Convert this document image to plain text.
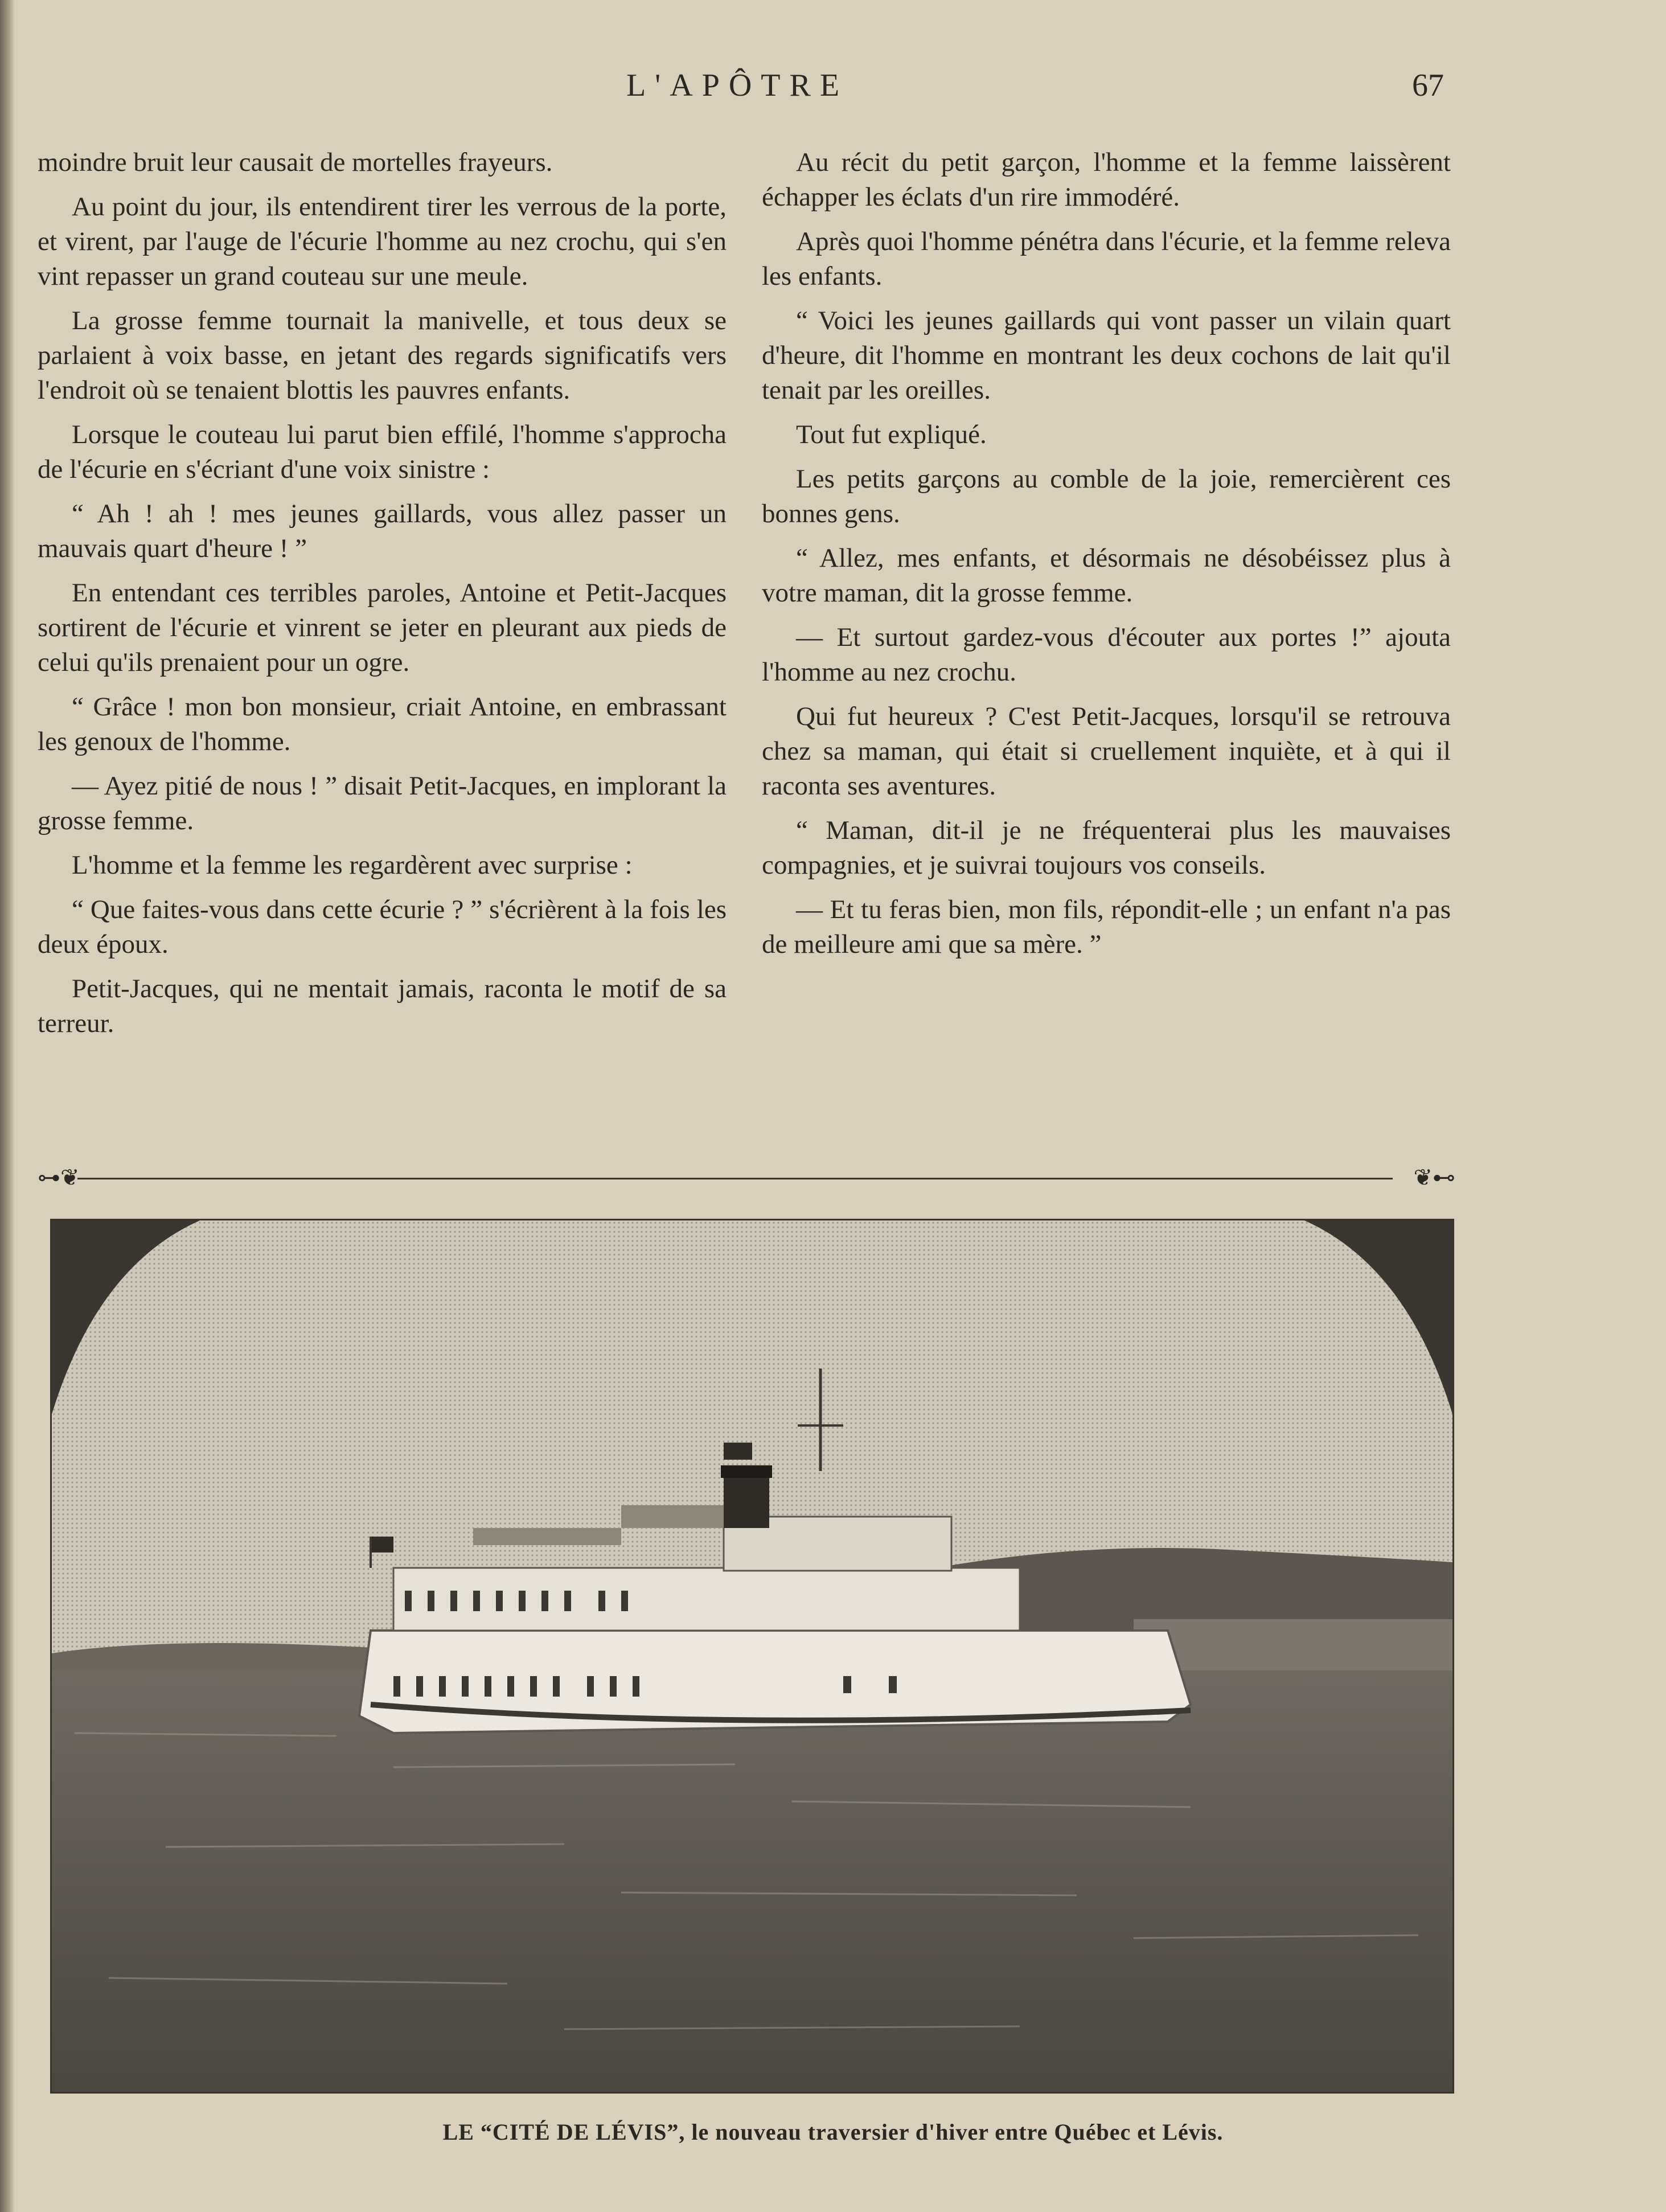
L'APÔTRE	67

moindre bruit leur causait de mortelles frayeurs.

Au point du jour, ils entendirent tirer les verrous de la porte, et virent, par l'auge de l'écurie l'homme au nez crochu, qui s'en vint repasser un grand couteau sur une meule.

La grosse femme tournait la manivelle, et tous deux se parlaient à voix basse, en jetant des regards significatifs vers l'endroit où se tenaient blottis les pauvres enfants.

Lorsque le couteau lui parut bien effilé, l'homme s'approcha de l'écurie en s'écriant d'une voix sinistre :

“ Ah ! ah ! mes jeunes gaillards, vous allez passer un mauvais quart d'heure ! ”

En entendant ces terribles paroles, Antoine et Petit-Jacques sortirent de l'écurie et vinrent se jeter en pleurant aux pieds de celui qu'ils prenaient pour un ogre.

“ Grâce ! mon bon monsieur, criait Antoine, en embrassant les genoux de l'homme.

— Ayez pitié de nous ! ” disait Petit-Jacques, en implorant la grosse femme.

L'homme et la femme les regardèrent avec surprise :

“ Que faites-vous dans cette écurie ? ” s'écrièrent à la fois les deux époux.

Petit-Jacques, qui ne mentait jamais, raconta le motif de sa terreur.

Au récit du petit garçon, l'homme et la femme laissèrent échapper les éclats d'un rire immodéré.

Après quoi l'homme pénétra dans l'écurie, et la femme releva les enfants.

“ Voici les jeunes gaillards qui vont passer un vilain quart d'heure, dit l'homme en montrant les deux cochons de lait qu'il tenait par les oreilles.

Tout fut expliqué.

Les petits garçons au comble de la joie, remercièrent ces bonnes gens.

“ Allez, mes enfants, et désormais ne désobéissez plus à votre maman, dit la grosse femme.

— Et surtout gardez-vous d'écouter aux portes !” ajouta l'homme au nez crochu.

Qui fut heureux ? C'est Petit-Jacques, lorsqu'il se retrouva chez sa maman, qui était si cruellement inquiète, et à qui il raconta ses aventures.

“ Maman, dit-il je ne fréquenterai plus les mauvaises compagnies, et je suivrai toujours vos conseils.

— Et tu feras bien, mon fils, répondit-elle ; un enfant n'a pas de meilleure ami que sa mère. ”

⊶❦	❦⊷
LE “CITÉ DE LÉVIS”, le nouveau traversier d'hiver entre Québec et Lévis.
